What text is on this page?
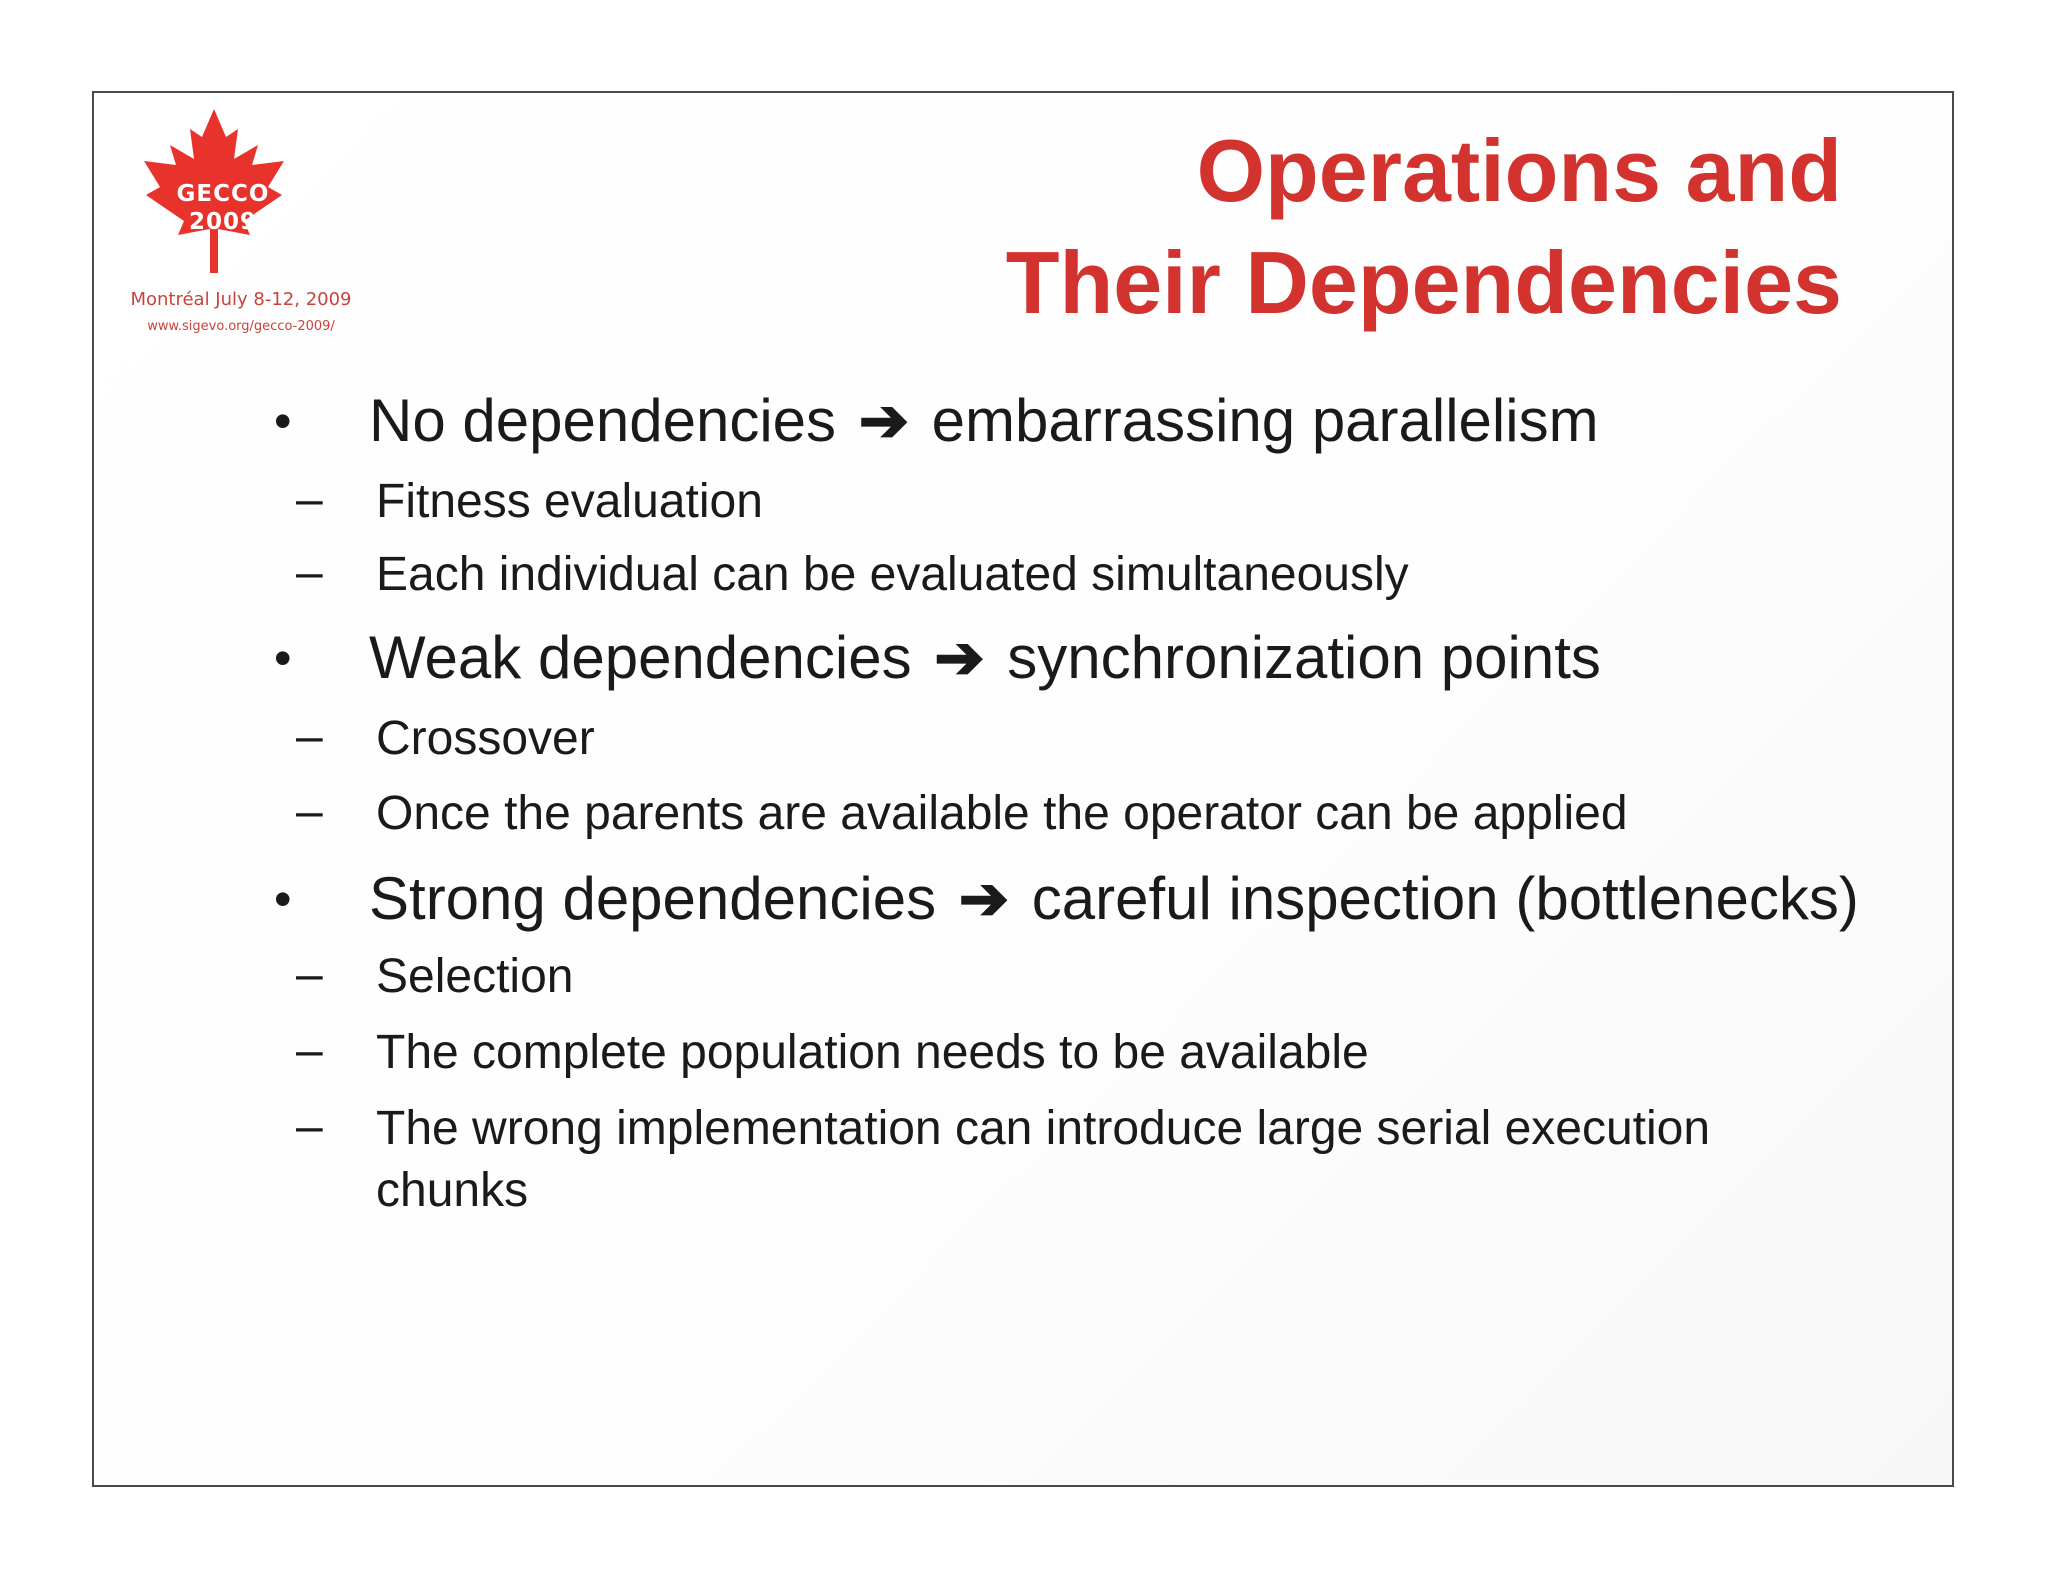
GECCO
2009
Montréal July 8-12, 2009
www.sigevo.org/gecco-2009/
Operations and
Their Dependencies
• No dependencies ➔ embarrassing parallelism
– Fitness evaluation
– Each individual can be evaluated simultaneously
• Weak dependencies ➔ synchronization points
– Crossover
– Once the parents are available the operator can be applied
• Strong dependencies ➔ careful inspection (bottlenecks)
– Selection
– The complete population needs to be available
– The wrong implementation can introduce large serial execution
chunks
